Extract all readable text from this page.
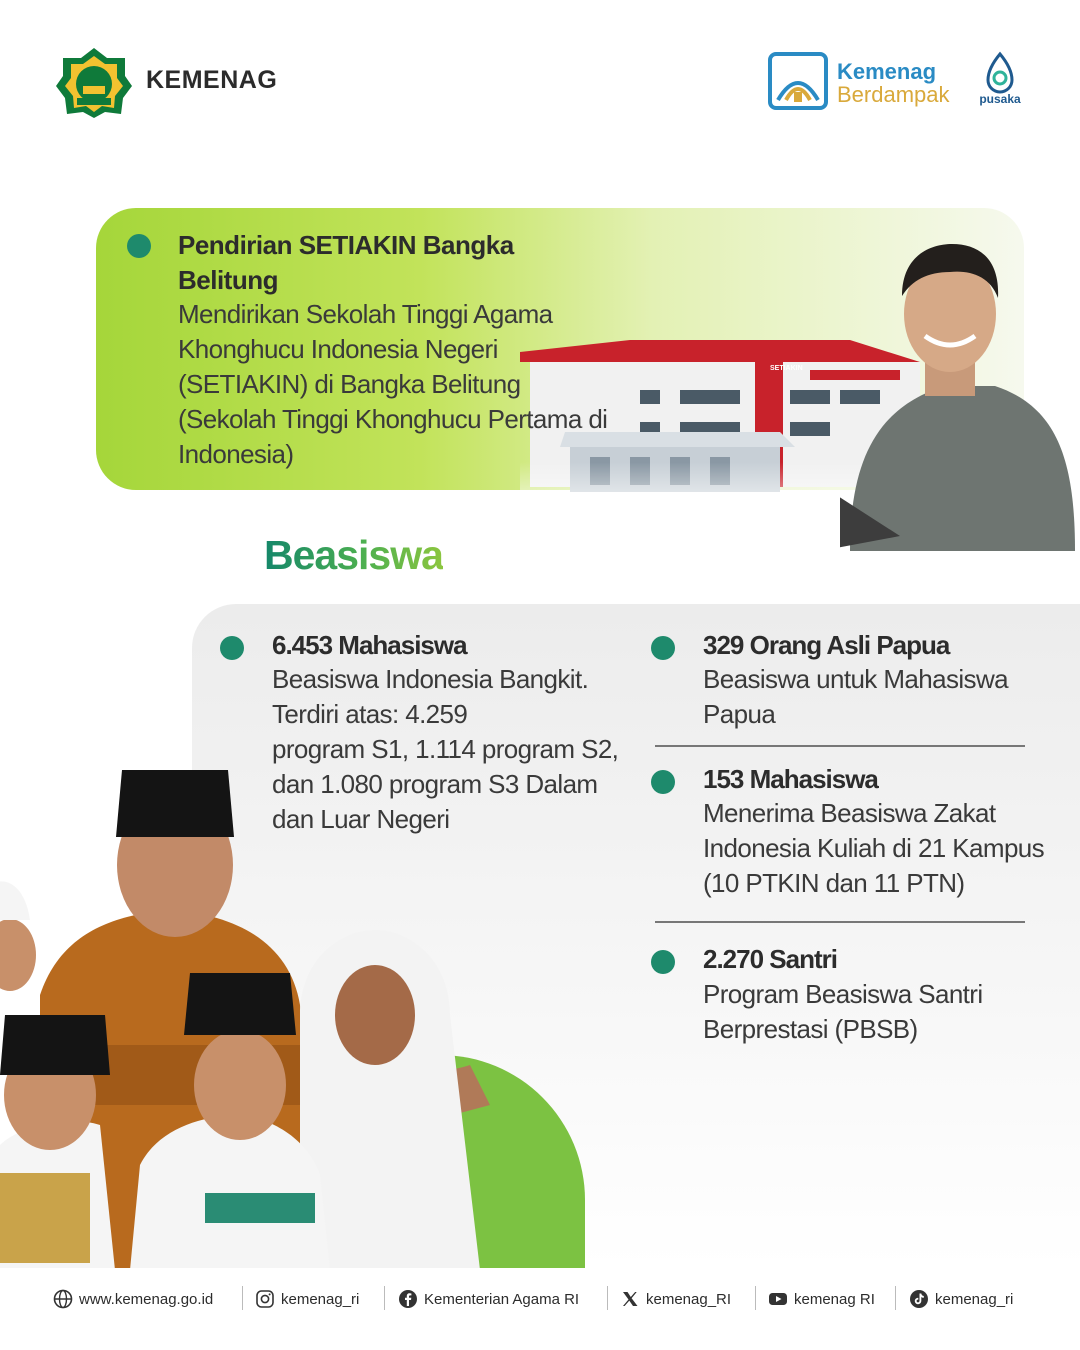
KEMENAG	Kemenag
Berdampak	pusaka
SETIAKIN
Pendirian SETIAKIN Bangka Belitung
Mendirikan Sekolah Tinggi Agama Khonghucu Indonesia Negeri (SETIAKIN) di Bangka Belitung (Sekolah Tinggi Khonghucu Pertama di Indonesia)
Beasiswa
6.453 Mahasiswa
Beasiswa Indonesia Bangkit.
Terdiri atas: 4.259
program S1, 1.114 program S2,
dan 1.080 program S3 Dalam
dan Luar Negeri
329 Orang Asli Papua
Beasiswa untuk Mahasiswa
Papua
153 Mahasiswa
Menerima Beasiswa Zakat
Indonesia Kuliah di 21 Kampus
(10 PTKIN dan 11 PTN)
2.270 Santri
Program Beasiswa Santri
Berprestasi (PBSB)
www.kemenag.go.id	kemenag_ri	Kementerian Agama RI	kemenag_RI	kemenag RI	kemenag_ri
